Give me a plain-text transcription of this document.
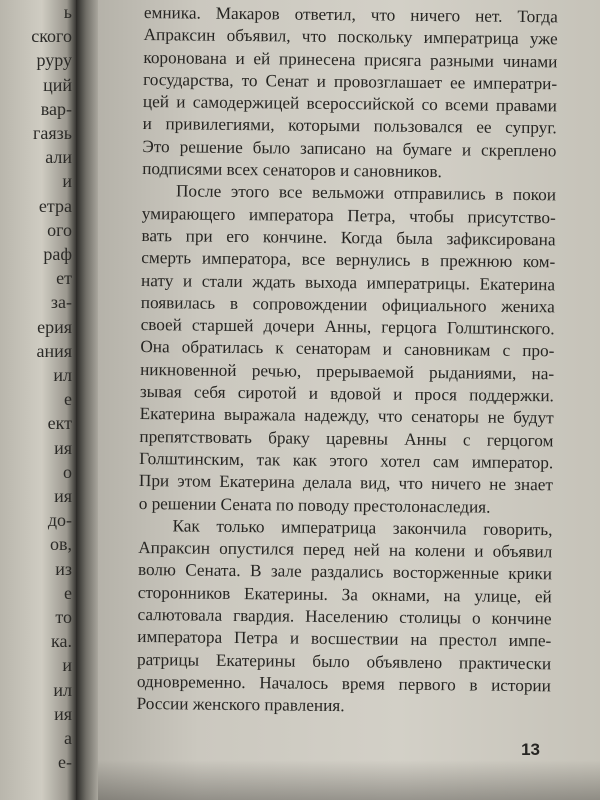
ь
ского
руру
ций
вар-
гаязь
али
и
етра
ого
раф
ет
за-
ерия
ания
ил
е
ект
ия
о
ия
до-
ов,
из
е
то
ка.
и
ил
ия
а
е-
емника. Макаров ответил, что ничего нет. Тогда
Апраксин объявил, что поскольку императрица уже
коронована и ей принесена присяга разными чинами
государства, то Сенат и провозглашает ее императри-
цей и самодержицей всероссийской со всеми правами
и привилегиями, которыми пользовался ее супруг.
Это решение было записано на бумаге и скреплено
подписями всех сенаторов и сановников.
После этого все вельможи отправились в покои
умирающего императора Петра, чтобы присутство-
вать при его кончине. Когда была зафиксирована
смерть императора, все вернулись в прежнюю ком-
нату и стали ждать выхода императрицы. Екатерина
появилась в сопровождении официального жениха
своей старшей дочери Анны, герцога Голштинского.
Она обратилась к сенаторам и сановникам с про-
никновенной речью, прерываемой рыданиями, на-
зывая себя сиротой и вдовой и прося поддержки.
Екатерина выражала надежду, что сенаторы не будут
препятствовать браку царевны Анны с герцогом
Голштинским, так как этого хотел сам император.
При этом Екатерина делала вид, что ничего не знает
о решении Сената по поводу престолонаследия.
Как только императрица закончила говорить,
Апраксин опустился перед ней на колени и объявил
волю Сената. В зале раздались восторженные крики
сторонников Екатерины. За окнами, на улице, ей
салютовала гвардия. Населению столицы о кончине
императора Петра и восшествии на престол импе-
ратрицы Екатерины было объявлено практически
одновременно. Началось время первого в истории
России женского правления.
13
